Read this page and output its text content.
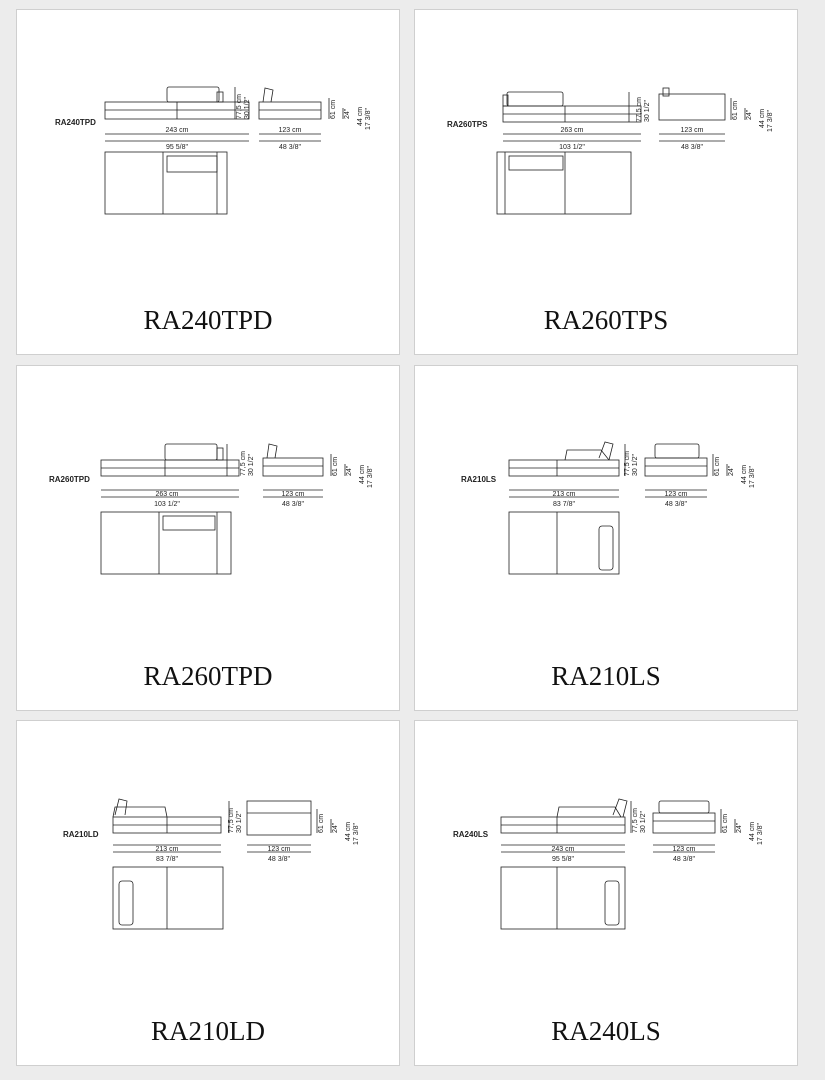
RA240TPD
243 cm
95 5/8"
123 cm
48 3/8"
77,5 cm 30 1/2"	61 cm 24" 44 cm 17 3/8"
RA240TPD
RA260TPS
263 cm
103 1/2"
123 cm
48 3/8"
77,5 cm 30 1/2"	61 cm 24" 44 cm 17 3/8"
RA260TPS
RA260TPD
263 cm
103 1/2"
123 cm
48 3/8"
77,5 cm 30 1/2"	61 cm 24" 44 cm 17 3/8"
RA260TPD
RA210LS
213 cm
83 7/8"
123 cm
48 3/8"
77,5 cm 30 1/2"	61 cm 24" 44 cm 17 3/8"
RA210LS
RA210LD
213 cm
83 7/8"
123 cm
48 3/8"
77,5 cm 30 1/2"	61 cm 24" 44 cm 17 3/8"
RA210LD
RA240LS
243 cm
95 5/8"
123 cm
48 3/8"
77,5 cm 30 1/2"	61 cm 24" 44 cm 17 3/8"
RA240LS
